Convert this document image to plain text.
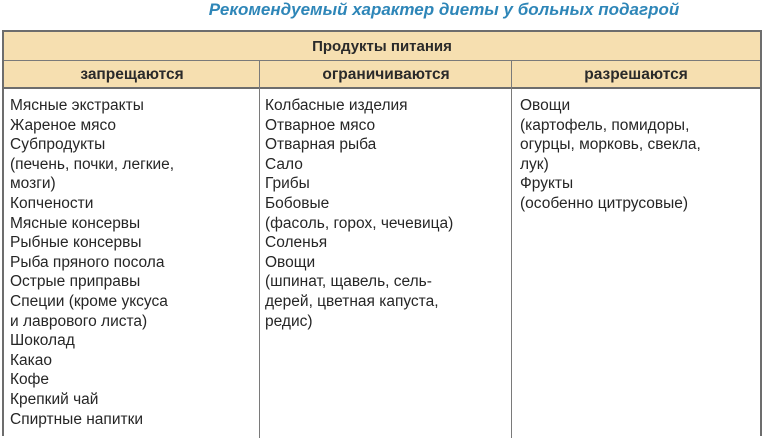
Рекомендуемый характер диеты у больных подагрой
Продукты питания
запрещаются	ограничиваются	разрешаются
Мясные экстракты
Жареное мясо
Субпродукты
(печень, почки, легкие,
мозги)
Копчености
Мясные консервы
Рыбные консервы
Рыба пряного посола
Острые приправы
Специи (кроме уксуса
и лаврового листа)
Шоколад
Какао
Кофе
Крепкий чай
Спиртные напитки
Колбасные изделия
Отварное мясо
Отварная рыба
Сало
Грибы
Бобовые
(фасоль, горох, чечевица)
Соленья
Овощи
(шпинат, щавель, сель-
дерей, цветная капуста,
редис)
Овощи
(картофель, помидоры,
огурцы, морковь, свекла,
лук)
Фрукты
(особенно цитрусовые)
